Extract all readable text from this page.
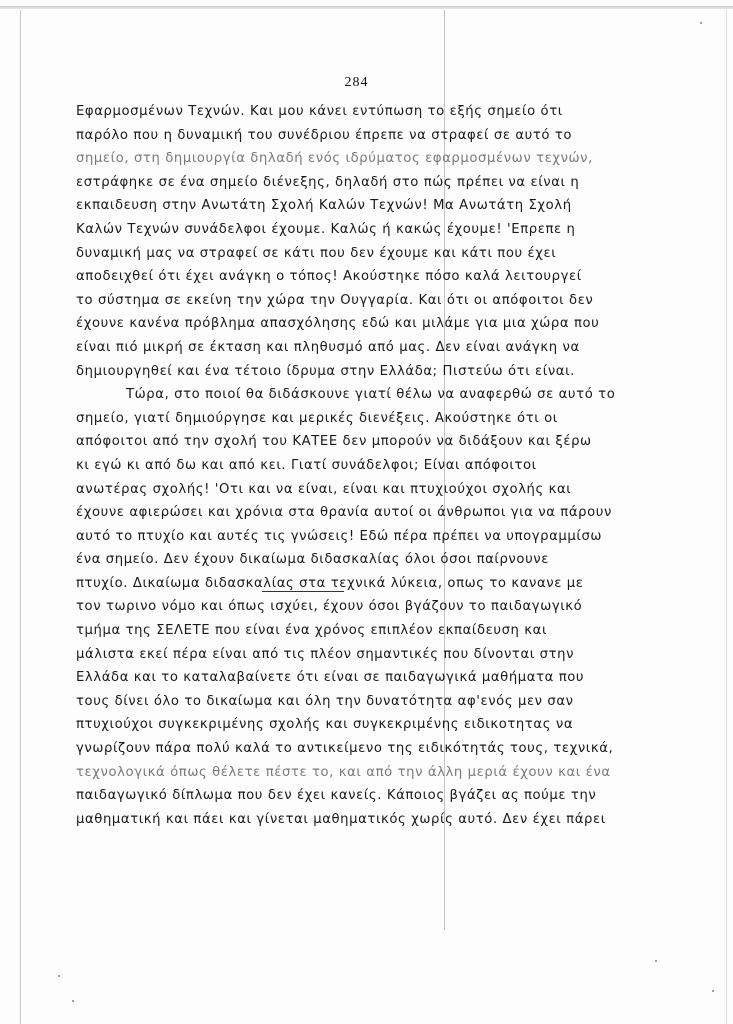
284
Εφαρμοσμένων Τεχνών. Και μου κάνει εντύπωση το εξής σημείο ότι
παρόλο που η δυναμική του συνέδριου έπρεπε να στραφεί σε αυτό το
σημείο, στη δημιουργία δηλαδή ενός ιδρύματος εφαρμοσμένων τεχνών,
εστράφηκε σε ένα σημείο διένεξης, δηλαδή στο πώς πρέπει να είναι η
εκπαιδευση στην Ανωτάτη Σχολή Καλών Τεχνών! Μα Ανωτάτη Σχολή
Καλών Τεχνών συνάδελφοι έχουμε. Καλώς ή κακώς έχουμε! 'Επρεπε η
δυναμική μας να στραφεί σε κάτι που δεν έχουμε και κάτι που έχει
αποδειχθεί ότι έχει ανάγκη ο τόπος! Ακούστηκε πόσο καλά λειτουργεί
το σύστημα σε εκείνη την χώρα την Ουγγαρία. Και ότι οι απόφοιτοι δεν
έχουνε κανένα πρόβλημα απασχόλησης εδώ και μιλάμε για μια χώρα που
είναι πιό μικρή σε έκταση και πληθυσμό από μας. Δεν είναι ανάγκη να
δημιουργηθεί και ένα τέτοιο ίδρυμα στην Ελλάδα; Πιστεύω ότι είναι.
Τώρα, στο ποιοί θα διδάσκουνε γιατί θέλω να αναφερθώ σε αυτό το
σημείο, γιατί δημιούργησε και μερικές διενέξεις. Ακούστηκε ότι οι
απόφοιτοι από την σχολή του ΚΑΤΕΕ δεν μπορούν να διδάξουν και ξέρω
κι εγώ κι από δω και από κει. Γιατί συνάδελφοι; Είναι απόφοιτοι
ανωτέρας σχολής! 'Οτι και να είναι, είναι και πτυχιούχοι σχολής και
έχουνε αφιερώσει και χρόνια στα θρανία αυτοί οι άνθρωποι για να πάρουν
αυτό το πτυχίο και αυτές τις γνώσεις! Εδώ πέρα πρέπει να υπογραμμίσω
ένα σημείο. Δεν έχουν δικαίωμα διδασκαλίας όλοι όσοι παίρνουνε
πτυχίο. Δικαίωμα διδασκαλίας στα τεχνικά λύκεια, οπως το κανανε με
τον τωρινο νόμο και όπως ισχύει, έχουν όσοι βγάζουν το παιδαγωγικό
τμήμα της ΣΕΛΕΤΕ που είναι ένα χρόνος επιπλέον εκπαίδευση και
μάλιστα εκεί πέρα είναι από τις πλέον σημαντικές που δίνονται στην
Ελλάδα και το καταλαβαίνετε ότι είναι σε παιδαγωγικά μαθήματα που
τους δίνει όλο το δικαίωμα και όλη την δυνατότητα αφ'ενός μεν σαν
πτυχιούχοι συγκεκριμένης σχολής και συγκεκριμένης ειδικοτητας να
γνωρίζουν πάρα πολύ καλά το αντικείμενο της ειδικότητάς τους, τεχνικά,
τεχνολογικά όπως θέλετε πέστε το, και από την άλλη μεριά έχουν και ένα
παιδαγωγικό δίπλωμα που δεν έχει κανείς. Κάποιος βγάζει ας πούμε την
μαθηματική και πάει και γίνεται μαθηματικός χωρίς αυτό. Δεν έχει πάρει
